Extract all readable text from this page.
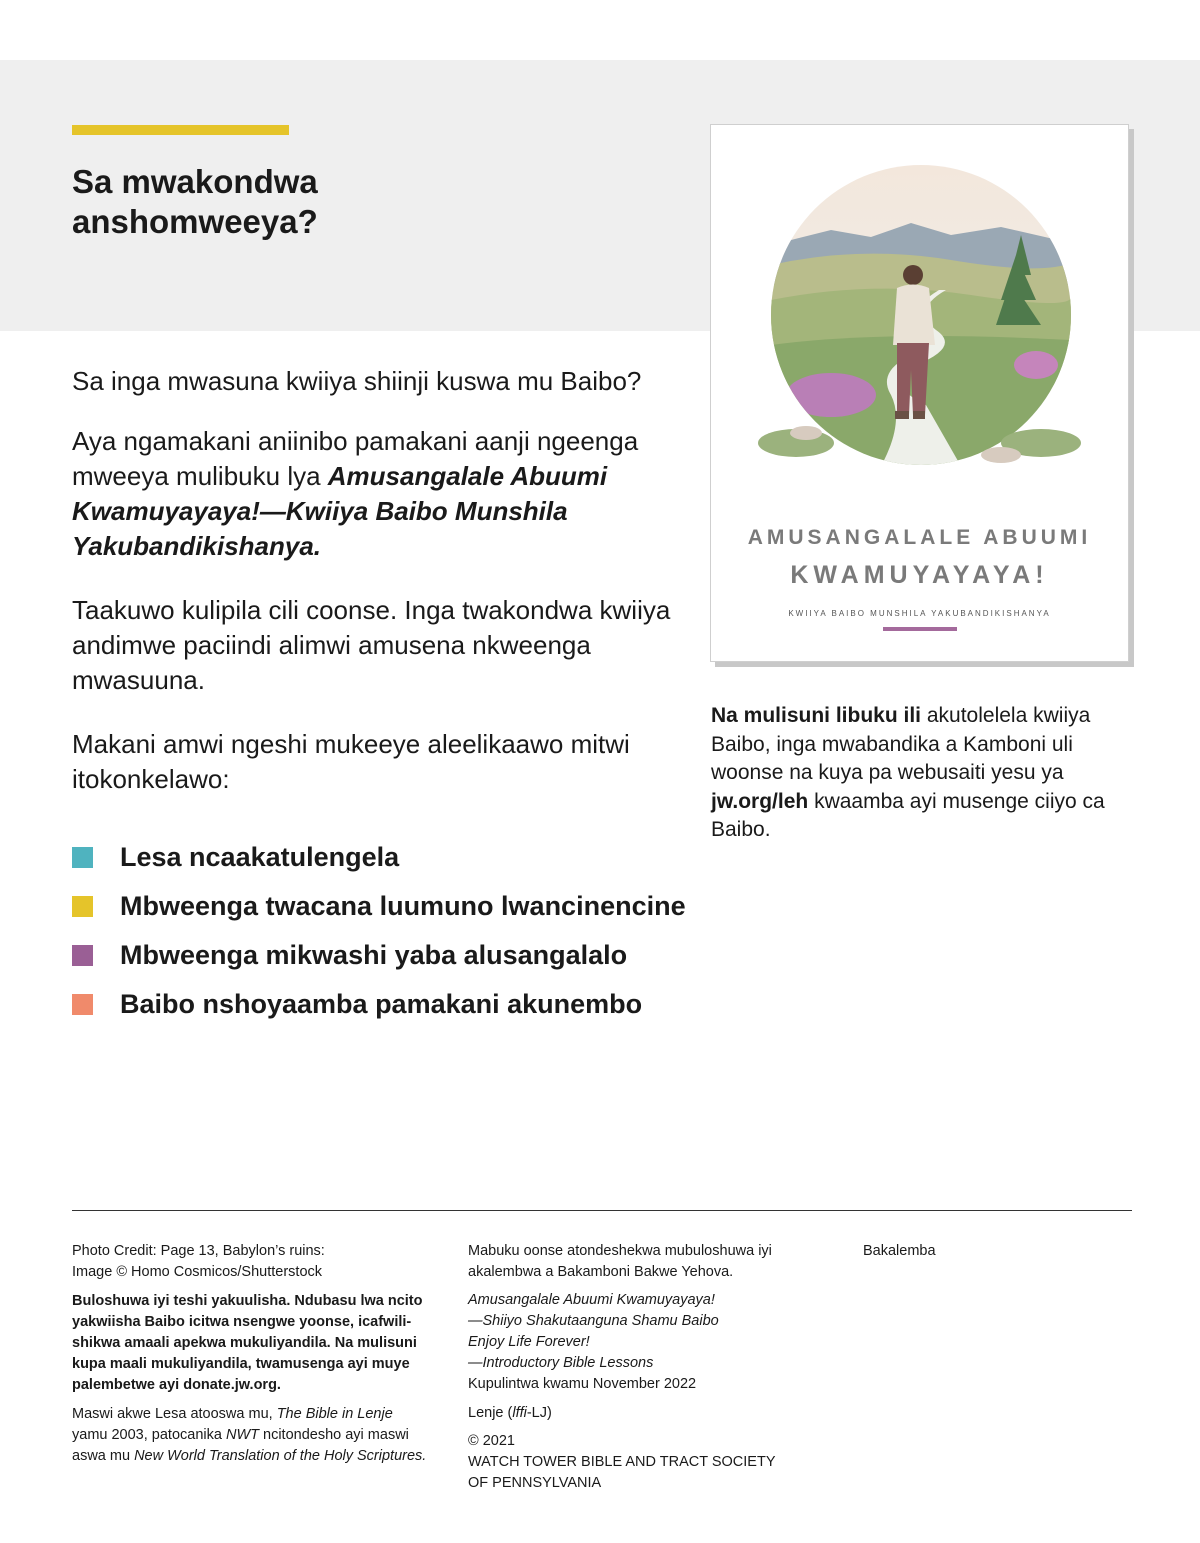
Sa mwakondwa
anshomweeya?

Sa inga mwasuna kwiiya shiinji kuswa mu Baibo?

Aya ngamakani aniinibo pamakani aanji ngeenga mweeya mulibuku lya Amusangalale Abuumi Kwamuyayaya!—Kwiiya Baibo Munshila Yakubandikishanya.

Taakuwo kulipila cili coonse. Inga twakondwa kwiiya andimwe paciindi alimwi amusena nkweenga mwasuuna.

Makani amwi ngeshi mukeeye aleelikaawo mitwi itokonkelawo:

Lesa ncaakatulengela
Mbweenga twacana luumuno lwancinencine
Mbweenga mikwashi yaba alusangalalo
Baibo nshoyaamba pamakani akunembo

AMUSANGALALE ABUUMI

KWAMUYAYAYA!

KWIIYA BAIBO MUNSHILA YAKUBANDIKISHANYA

Na mulisuni libuku ili akutolelela kwiiya Baibo, inga mwabandika a Kamboni uli woonse na kuya pa webusaiti yesu ya jw.org/leh kwaamba ayi musenge ciiyo ca Baibo.

Photo Credit: Page 13, Babylon’s ruins:
Image © Homo Cosmicos/Shutterstock

Buloshuwa iyi teshi yakuulisha. Ndubasu lwa ncito yakwiisha Baibo icitwa nsengwe yoonse, icafwilishikwa amaali apekwa mukuliyandila. Na mulisuni kupa maali mukuliyandila, twamusenga ayi muye palembetwe ayi donate.jw.org.

Maswi akwe Lesa atooswa mu, The Bible in Lenje yamu 2003, patocanika NWT ncitondesho ayi maswi aswa mu New World Translation of the Holy Scriptures.

Mabuku oonse atondeshekwa mubuloshuwa iyi
akalembwa a Bakamboni Bakwe Yehova.

Amusangalale Abuumi Kwamuyayaya!
—Shiiyo Shakutaanguna Shamu Baibo
Enjoy Life Forever!
—Introductory Bible Lessons
Kupulintwa kwamu November 2022

Lenje (lffi-LJ)

© 2021
WATCH TOWER BIBLE AND TRACT SOCIETY
OF PENNSYLVANIA

Bakalemba
